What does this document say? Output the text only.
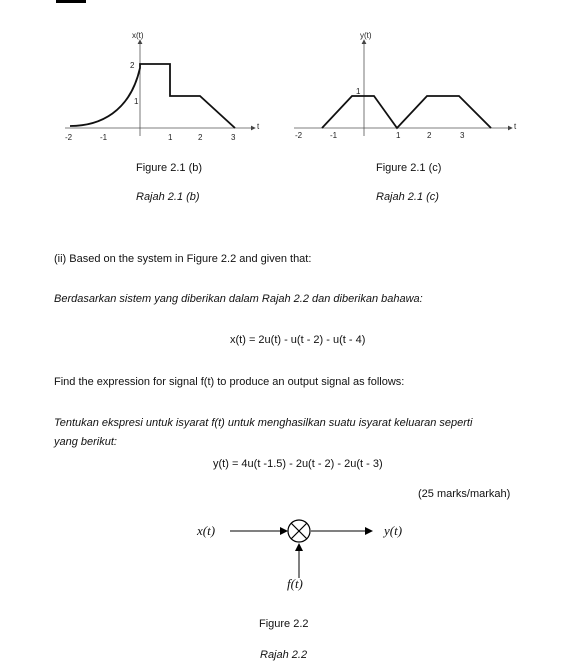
x(t)
t
-2	-1	1	2	3
2
1
Figure 2.1 (b)
Rajah 2.1 (b)
y(t)
t
-2	-1	1	2	3
1
Figure 2.1 (c)
Rajah 2.1 (c)
(ii) Based on the system in Figure 2.2 and given that:
Berdasarkan sistem yang diberikan dalam Rajah 2.2 dan diberikan bahawa:
x(t) = 2u(t) - u(t - 2) - u(t - 4)
Find the expression for signal f(t) to produce an output signal as follows:
Tentukan ekspresi untuk isyarat f(t) untuk menghasilkan suatu isyarat keluaran seperti
yang berikut:
y(t) = 4u(t -1.5) - 2u(t - 2) - 2u(t - 3)
(25 marks/markah)
x(t)	y(t)
f(t)
Figure 2.2
Rajah 2.2
